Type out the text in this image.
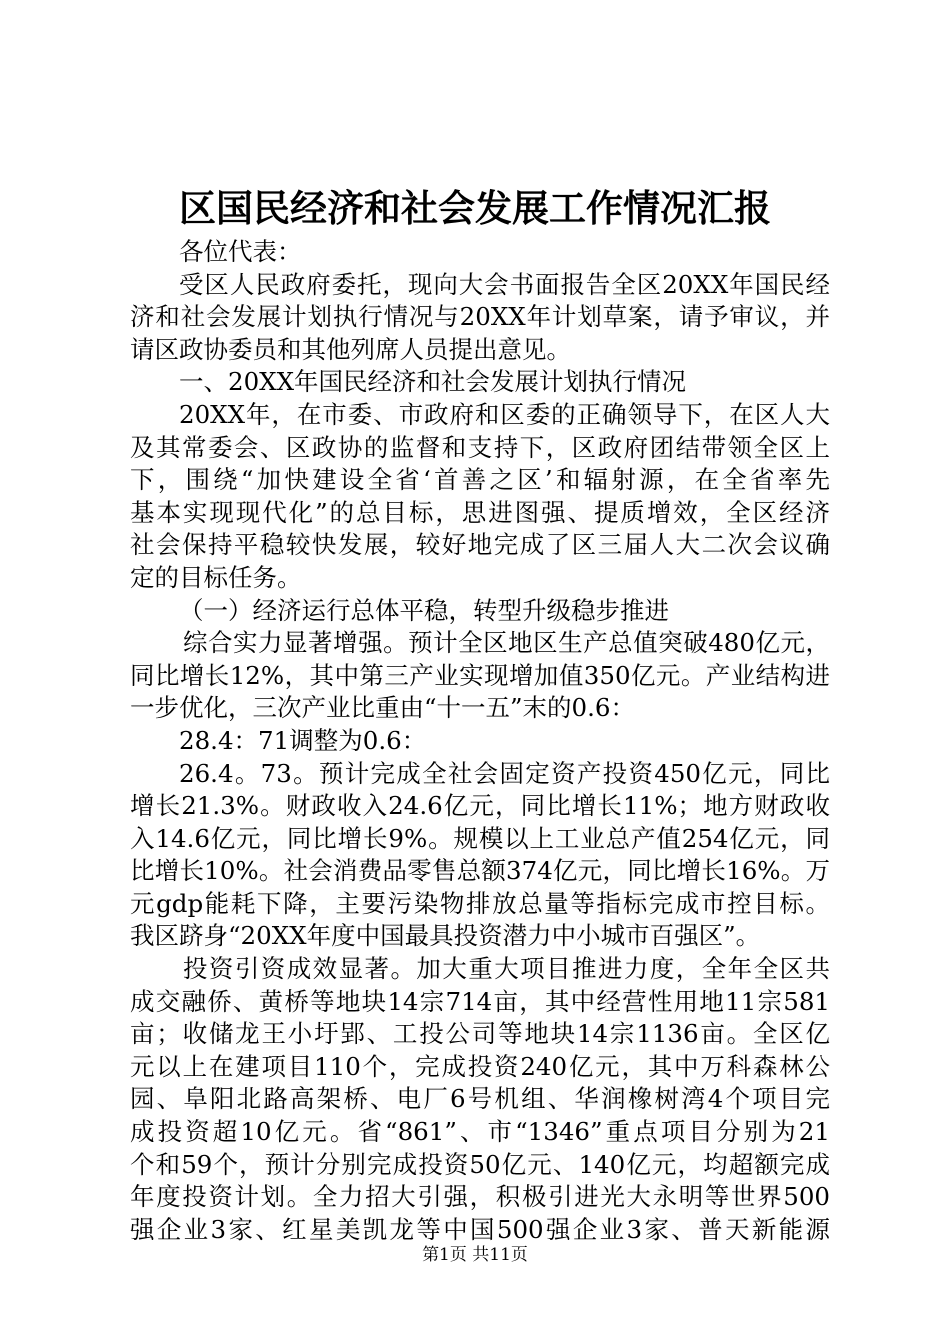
区国民经济和社会发展工作情况汇报
各位代表：
受区人民政府委托，现向大会书面报告全区20XX年国民经
济和社会发展计划执行情况与20XX年计划草案，请予审议，并
请区政协委员和其他列席人员提出意见。
一、20XX年国民经济和社会发展计划执行情况
20XX年，在市委、市政府和区委的正确领导下，在区人大
及其常委会、区政协的监督和支持下，区政府团结带领全区上
下，围绕“加快建设全省‘首善之区’和辐射源，在全省率先
基本实现现代化”的总目标，思进图强、提质增效，全区经济
社会保持平稳较快发展，较好地完成了区三届人大二次会议确
定的目标任务。
（一）经济运行总体平稳，转型升级稳步推进
综合实力显著增强。预计全区地区生产总值突破480亿元，
同比增长12%，其中第三产业实现增加值350亿元。产业结构进
一步优化，三次产业比重由“十一五”末的0.6：
28.4：71调整为0.6：
26.4。73。预计完成全社会固定资产投资450亿元，同比
增长21.3%。财政收入24.6亿元，同比增长11%；地方财政收
入14.6亿元，同比增长9%。规模以上工业总产值254亿元，同
比增长10%。社会消费品零售总额374亿元，同比增长16%。万
元gdp能耗下降，主要污染物排放总量等指标完成市控目标。
我区跻身“20XX年度中国最具投资潜力中小城市百强区”。
投资引资成效显著。加大重大项目推进力度，全年全区共
成交融侨、黄桥等地块14宗714亩，其中经营性用地11宗581
亩；收储龙王小圩郢、工投公司等地块14宗1136亩。全区亿
元以上在建项目110个，完成投资240亿元，其中万科森林公
园、阜阳北路高架桥、电厂6号机组、华润橡树湾4个项目完
成投资超10亿元。省“861”、市“1346”重点项目分别为21
个和59个，预计分别完成投资50亿元、140亿元，均超额完成
年度投资计划。全力招大引强，积极引进光大永明等世界500
强企业3家、红星美凯龙等中国500强企业3家、普天新能源
第1页 共11页
